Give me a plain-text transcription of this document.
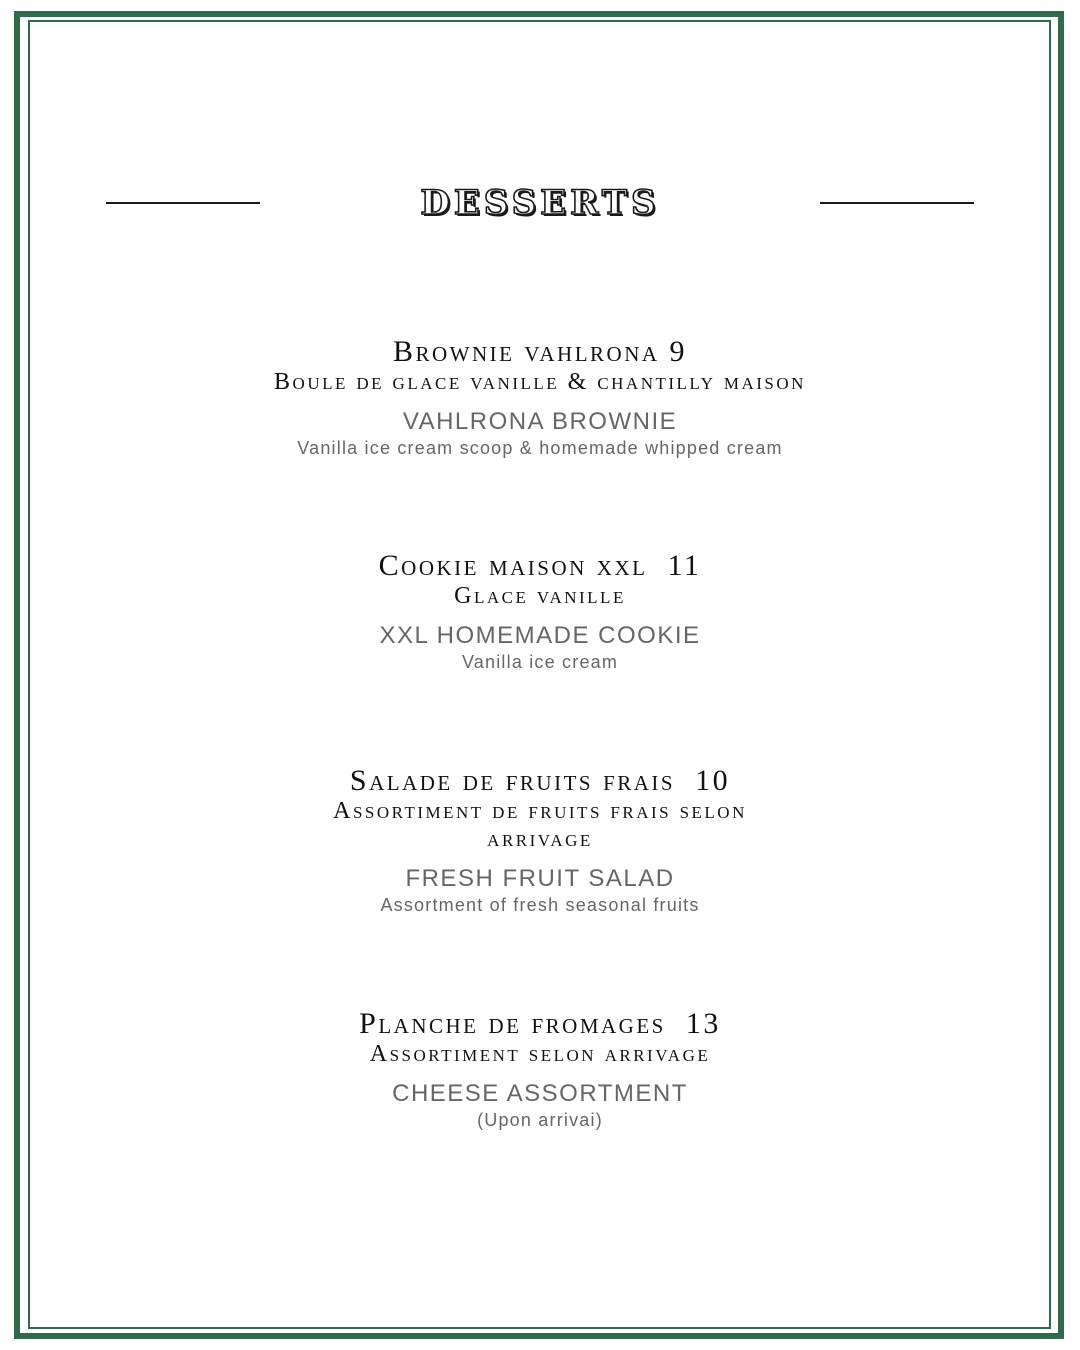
DESSERTS
Brownie vahlrona 9
Boule de glace vanille & chantilly maison
VAHLRONA BROWNIE
Vanilla ice cream scoop & homemade whipped cream
Cookie maison xxl  11
Glace vanille
XXL HOMEMADE COOKIE
Vanilla ice cream
Salade de fruits frais  10
Assortiment de fruits frais selon arrivage
FRESH FRUIT SALAD
Assortment of fresh seasonal fruits
Planche de fromages  13
Assortiment selon arrivage
CHEESE ASSORTMENT
(Upon arrivai)
